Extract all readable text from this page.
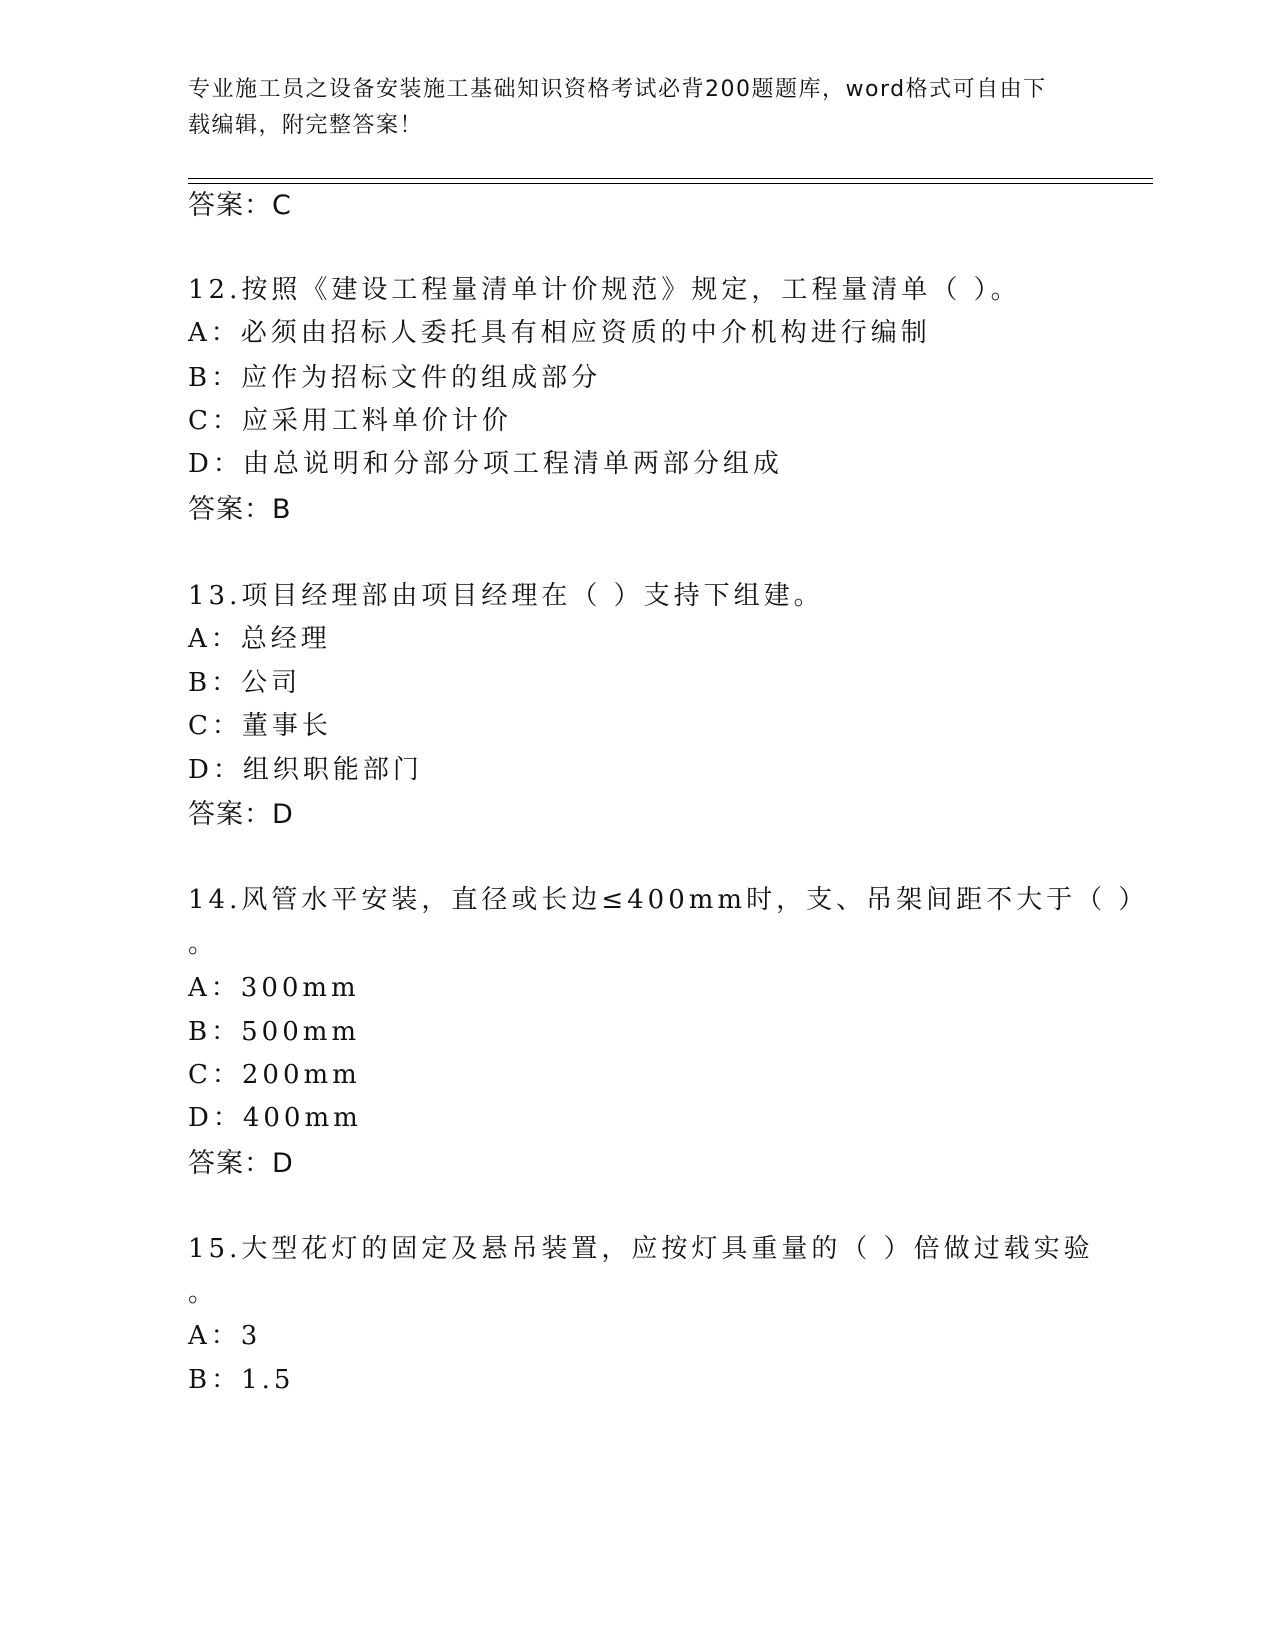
专业施工员之设备安装施工基础知识资格考试必背200题题库，word格式可自由下载编辑，附完整答案！
答案：C
12.按照《建设工程量清单计价规范》规定，工程量清单（ ）。
A：必须由招标人委托具有相应资质的中介机构进行编制
B：应作为招标文件的组成部分
C：应采用工料单价计价
D：由总说明和分部分项工程清单两部分组成
答案：B
13.项目经理部由项目经理在（ ）支持下组建。
A：总经理
B：公司
C：董事长
D：组织职能部门
答案：D
14.风管水平安装，直径或长边≤400mm时，支、吊架间距不大于（ ）
。
A：300mm
B：500mm
C：200mm
D：400mm
答案：D
15.大型花灯的固定及悬吊装置，应按灯具重量的（ ）倍做过载实验
。
A：3
B：1.5
